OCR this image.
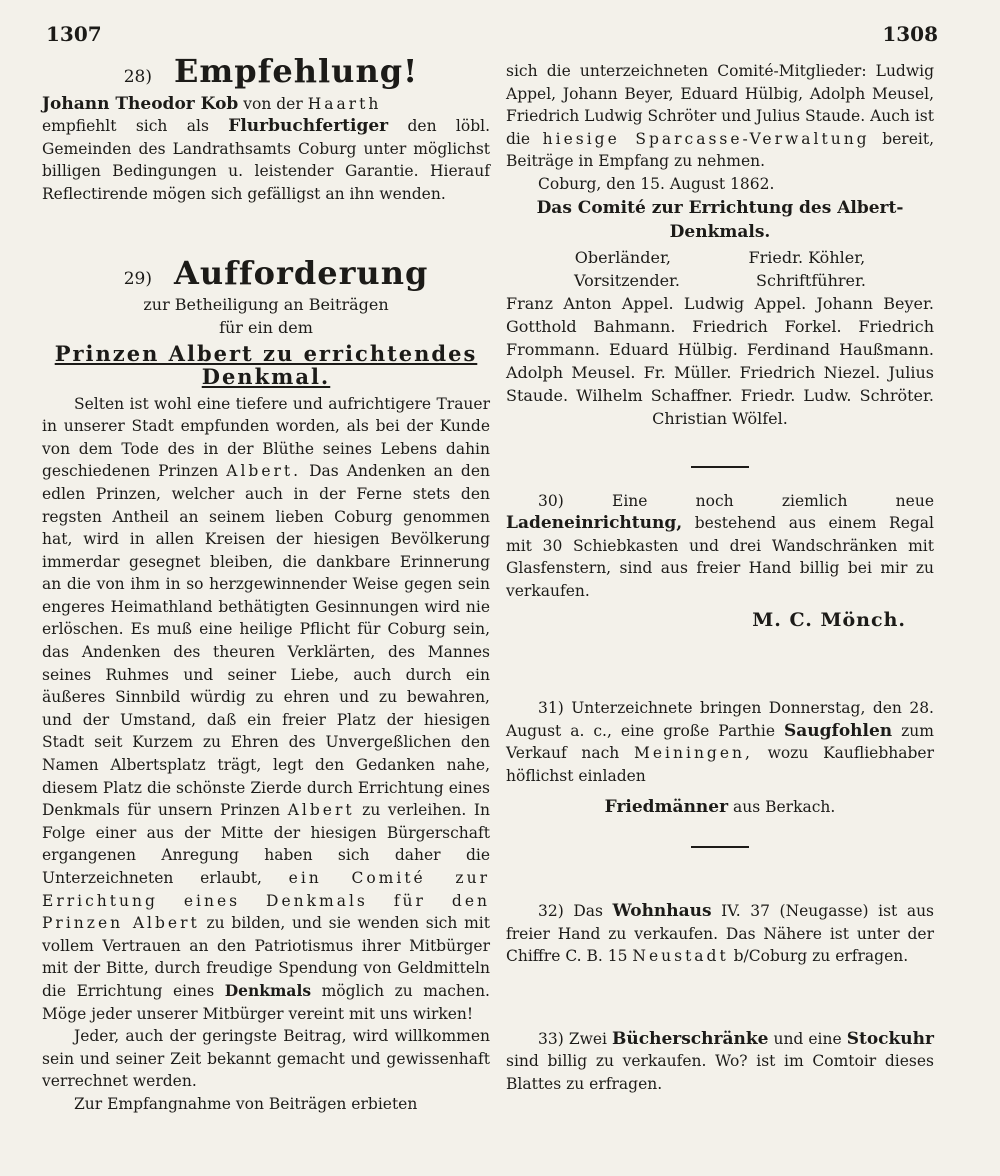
1307	1308
28) Empfehlung!

Johann Theodor Kob von der Haarth
empfiehlt sich als Flurbuchfertiger den löbl. Gemeinden des Landrathsamts Coburg unter möglichst billigen Bedingungen u. leistender Garantie. Hierauf Reflectirende mögen sich gefälligst an ihn wenden.

29) Aufforderung

zur Betheiligung an Beiträgen

für ein dem

Prinzen Albert zu errichtendes Denkmal.

Selten ist wohl eine tiefere und aufrichtigere Trauer in unserer Stadt empfunden worden, als bei der Kunde von dem Tode des in der Blüthe seines Lebens dahin geschiedenen Prinzen Albert. Das Andenken an den edlen Prinzen, welcher auch in der Ferne stets den regsten Antheil an seinem lieben Coburg genommen hat, wird in allen Kreisen der hiesigen Bevölkerung immerdar gesegnet bleiben, die dankbare Erinnerung an die von ihm in so herzgewinnender Weise gegen sein engeres Heimathland bethätigten Gesinnungen wird nie erlöschen. Es muß eine heilige Pflicht für Coburg sein, das Andenken des theuren Verklärten, des Mannes seines Ruhmes und seiner Liebe, auch durch ein äußeres Sinnbild würdig zu ehren und zu bewahren, und der Umstand, daß ein freier Platz der hiesigen Stadt seit Kurzem zu Ehren des Unvergeßlichen den Namen Albertsplatz trägt, legt den Gedanken nahe, diesem Platz die schönste Zierde durch Errichtung eines Denkmals für unsern Prinzen Albert zu verleihen. In Folge einer aus der Mitte der hiesigen Bürgerschaft ergangenen Anregung haben sich daher die Unterzeichneten erlaubt, ein Comité zur Errichtung eines Denkmals für den Prinzen Albert zu bilden, und sie wenden sich mit vollem Vertrauen an den Patriotismus ihrer Mitbürger mit der Bitte, durch freudige Spendung von Geldmitteln die Errichtung eines Denkmals möglich zu machen. Möge jeder unserer Mitbürger vereint mit uns wirken!

Jeder, auch der geringste Beitrag, wird willkommen sein und seiner Zeit bekannt gemacht und gewissenhaft verrechnet werden.

Zur Empfangnahme von Beiträgen erbieten

sich die unterzeichneten Comité-Mitglieder: Ludwig Appel, Johann Beyer, Eduard Hülbig, Adolph Meusel, Friedrich Ludwig Schröter und Julius Staude. Auch ist die hiesige Sparcasse-Verwaltung bereit, Beiträge in Empfang zu nehmen.

Coburg, den 15. August 1862.

Das Comité zur Errichtung des Albert-Denkmals.

Oberländer,	Friedr. Köhler,
Vorsitzender.	Schriftführer.

Franz Anton Appel. Ludwig Appel. Johann Beyer. Gotthold Bahmann. Friedrich Forkel. Friedrich Frommann. Eduard Hülbig. Ferdinand Haußmann. Adolph Meusel. Fr. Müller. Friedrich Niezel. Julius Staude. Wilhelm Schaffner. Friedr. Ludw. Schröter. Christian Wölfel.

30)	Eine noch ziemlich neue Ladeneinrichtung, bestehend aus einem Regal mit 30 Schiebkasten und drei Wandschränken mit Glasfenstern, sind aus freier Hand billig bei mir zu verkaufen.

M. C. Mönch.

31) Unterzeichnete bringen Donnerstag, den 28. August a. c., eine große Parthie Saugfohlen zum Verkauf nach Meiningen, wozu Kaufliebhaber höflichst einladen

Friedmänner aus Berkach.

32) Das Wohnhaus IV. 37 (Neugasse) ist aus freier Hand zu verkaufen. Das Nähere ist unter der Chiffre C. B. 15 Neustadt b/Coburg zu erfragen.

33) Zwei Bücherschränke und eine Stockuhr sind billig zu verkaufen. Wo? ist im Comtoir dieses Blattes zu erfragen.
